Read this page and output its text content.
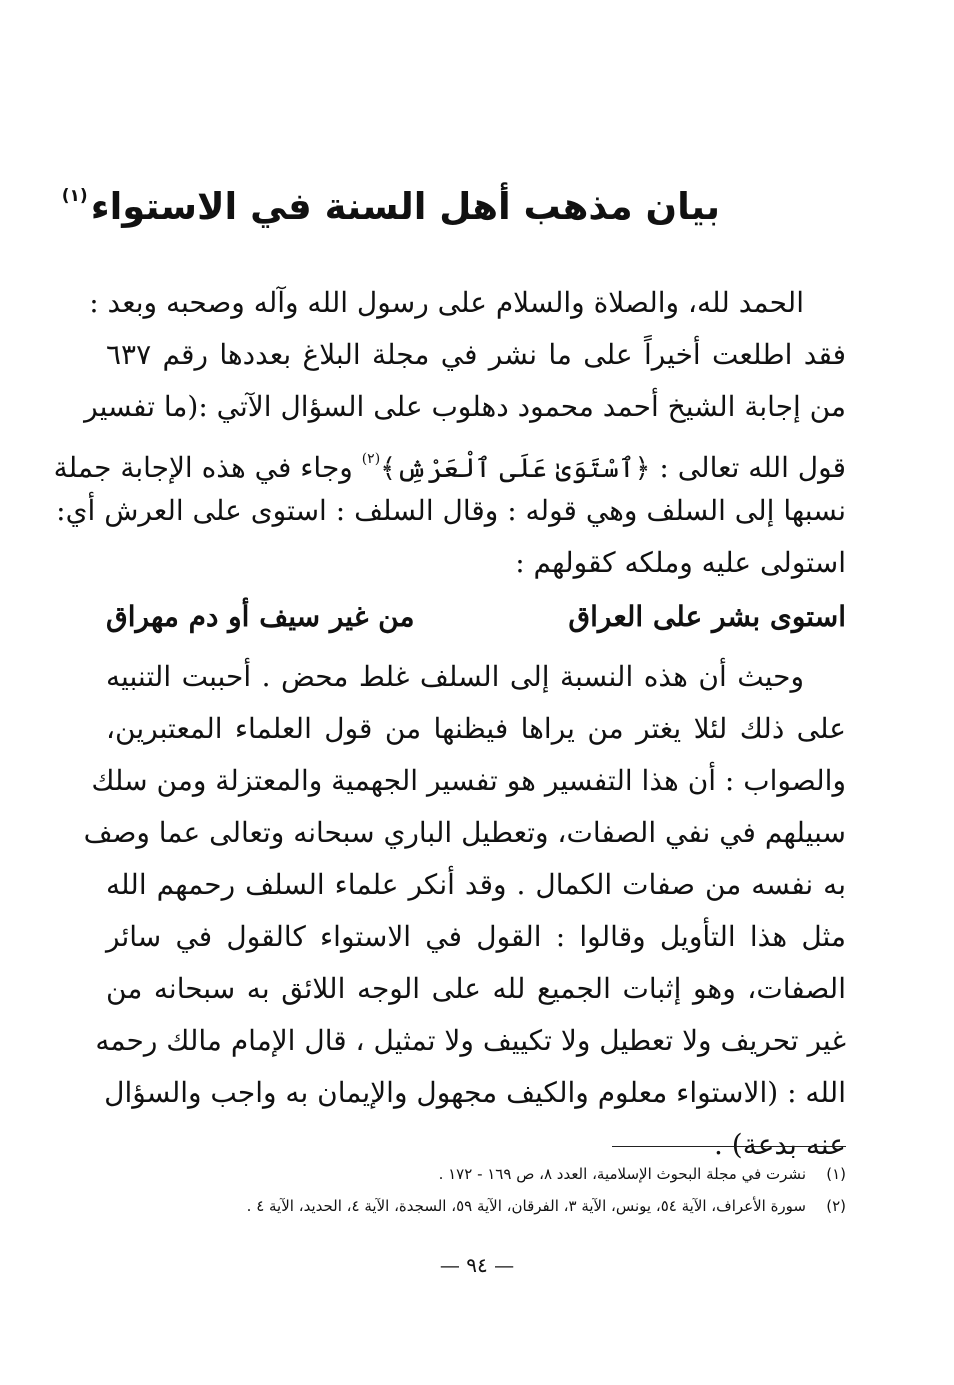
بيان مذهب أهل السنة في الاستواء$^{(١)}$
الحمد لله، والصلاة والسلام على رسول الله وآله وصحبه وبعد :
فقد اطلعت أخيراً على ما نشر في مجلة البلاغ بعددها رقم ٦٣٧
من إجابة الشيخ أحمد محمود دهلوب على السؤال الآتي :(ما تفسير
قول الله تعالى : ﴿ٱسْتَوَىٰ عَلَى ٱلْعَرْشِ﴾$^{(٢)}$ وجاء في هذه الإجابة جملة
نسبها إلى السلف وهي قوله : وقال السلف : استوى على العرش أي:
استولى عليه وملكه كقولهم :
استوى بشر على العراق
من غير سيف أو دم مهراق
وحيث أن هذه النسبة إلى السلف غلط محض . أحببت التنبيه
على ذلك لئلا يغتر من يراها فيظنها من قول العلماء المعتبرين،
والصواب : أن هذا التفسير هو تفسير الجهمية والمعتزلة ومن سلك
سبيلهم في نفي الصفات، وتعطيل الباري سبحانه وتعالى عما وصف
به نفسه من صفات الكمال . وقد أنكر علماء السلف رحمهم الله
مثل هذا التأويل وقالوا : القول في الاستواء كالقول في سائر
الصفات، وهو إثبات الجميع لله على الوجه اللائق به سبحانه من
غير تحريف ولا تعطيل ولا تكييف ولا تمثيل ، قال الإمام مالك رحمه
الله : (الاستواء معلوم والكيف مجهول والإيمان به واجب والسؤال
عنه بدعة) .
(١)
نشرت في مجلة البحوث الإسلامية، العدد ٨، ص ١٦٩ - ١٧٢ .
(٢)
سورة الأعراف، الآية ٥٤، يونس، الآية ٣، الفرقان، الآية ٥٩، السجدة، الآية ٤، الحديد، الآية ٤ .
— ٩٤ —
